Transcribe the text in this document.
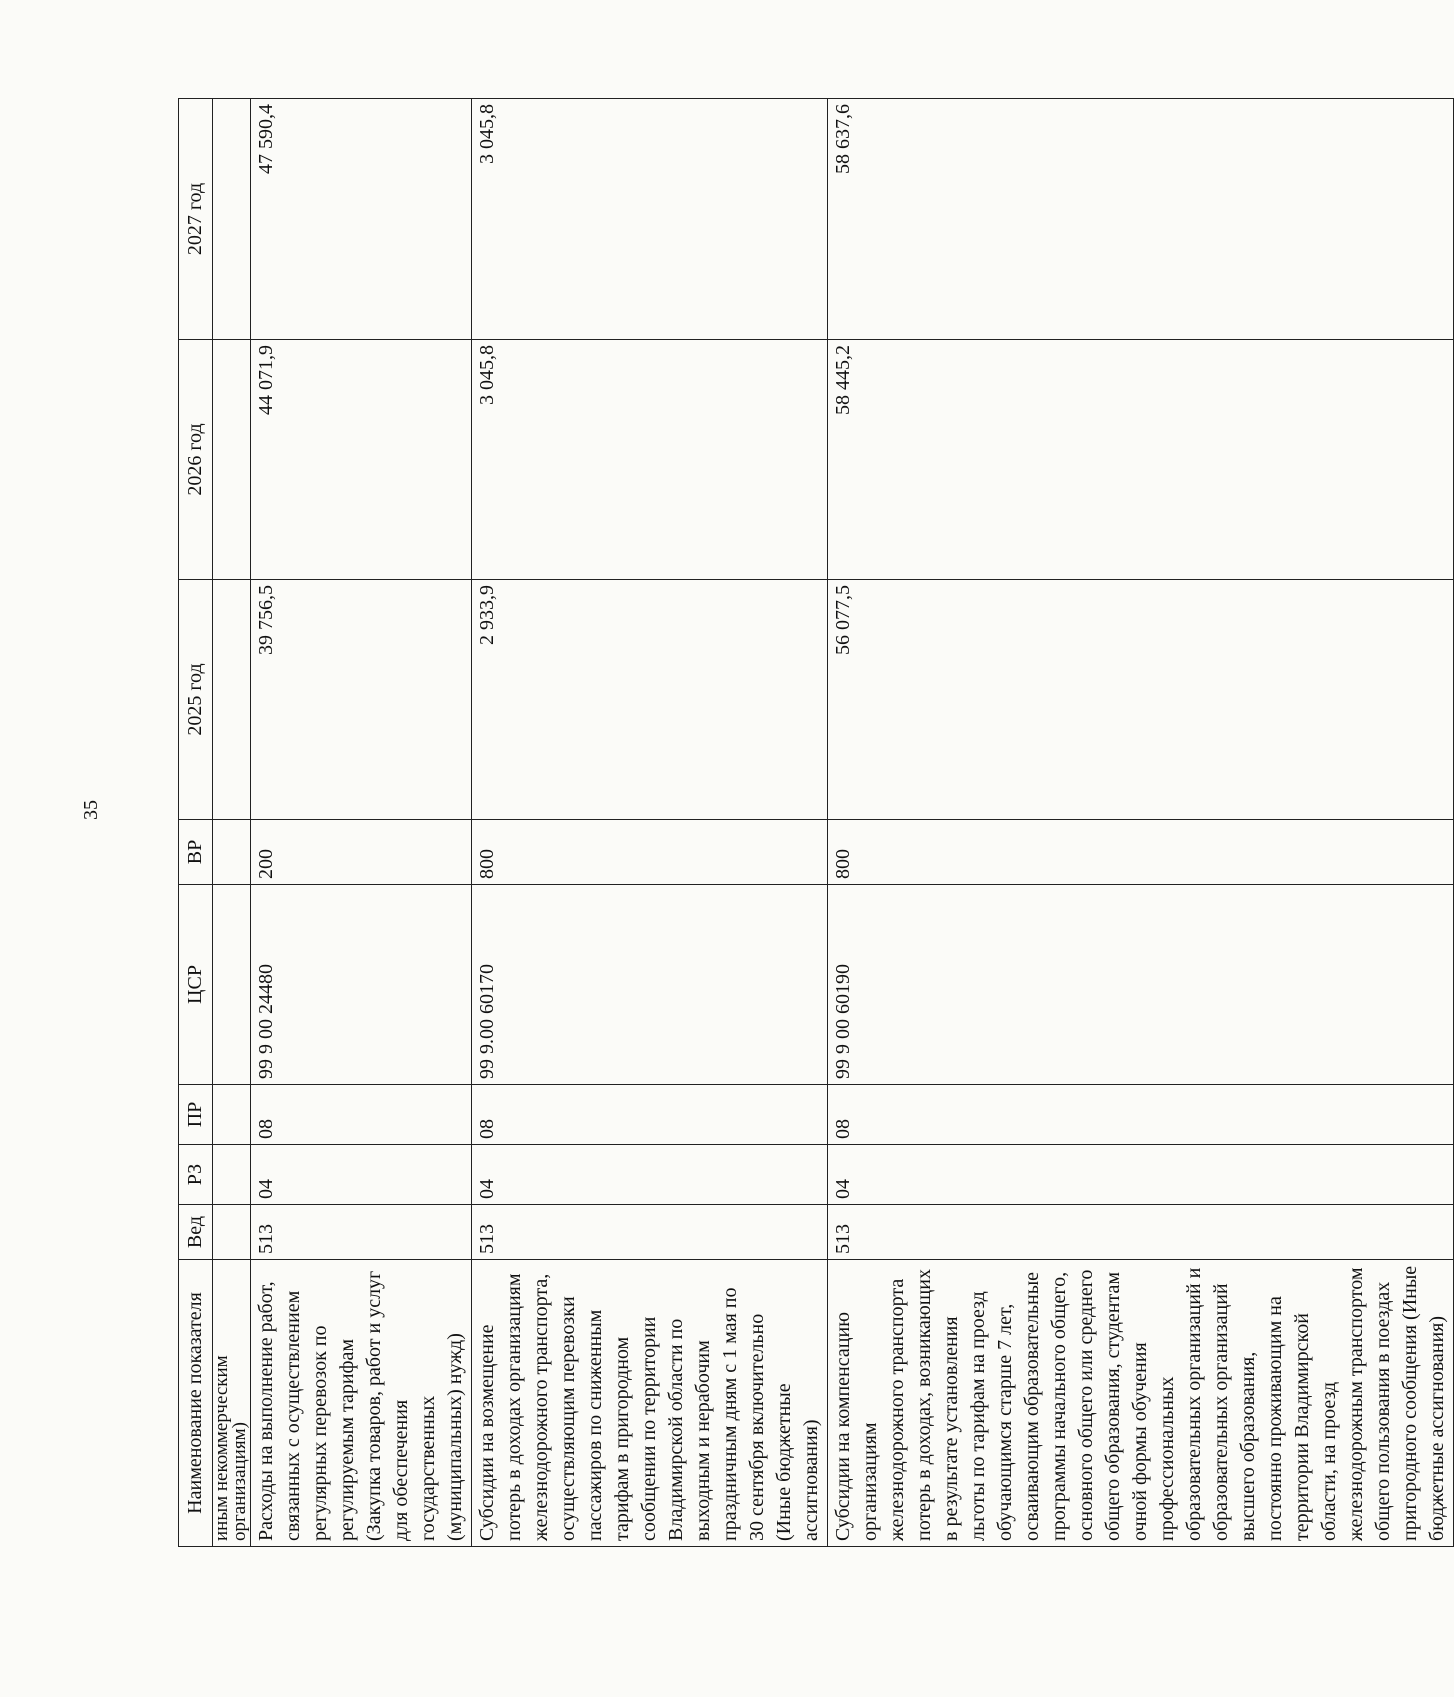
35
Наименование показателя	Вед	РЗ	ПР	ЦСР	ВР	2025 год	2026 год	2027 год
иным некоммерческим организациям)								
Расходы на выполнение работ, связанных с осуществлением регулярных перевозок по регулируемым тарифам (Закупка товаров, работ и услуг для обеспечения государственных (муниципальных) нужд)	513	04	08	99 9 00 24480	200	39 756,5	44 071,9	47 590,4
Субсидии на возмещение потерь в доходах организациям железнодорожного транспорта, осуществляющим перевозки пассажиров по сниженным тарифам в пригородном сообщении по территории Владимирской области по выходным и нерабочим праздничным дням с 1 мая по 30 сентября включительно (Иные бюджетные ассигнования)	513	04	08	99 9.00 60170	800	2 933,9	3 045,8	3 045,8
Субсидии на компенсацию организациям железнодорожного транспорта потерь в доходах, возникающих в результате установления льготы по тарифам на проезд обучающимся старше 7 лет, осваивающим образовательные программы начального общего, основного общего или среднего общего образования, студентам очной формы обучения профессиональных образовательных организаций и образовательных организаций высшего образования, постоянно проживающим на территории Владимирской области, на проезд железнодорожным транспортом общего пользования в поездах пригородного сообщения (Иные бюджетные ассигнования)	513	04	08	99 9 00 60190	800	56 077,5	58 445,2	58 637,6
